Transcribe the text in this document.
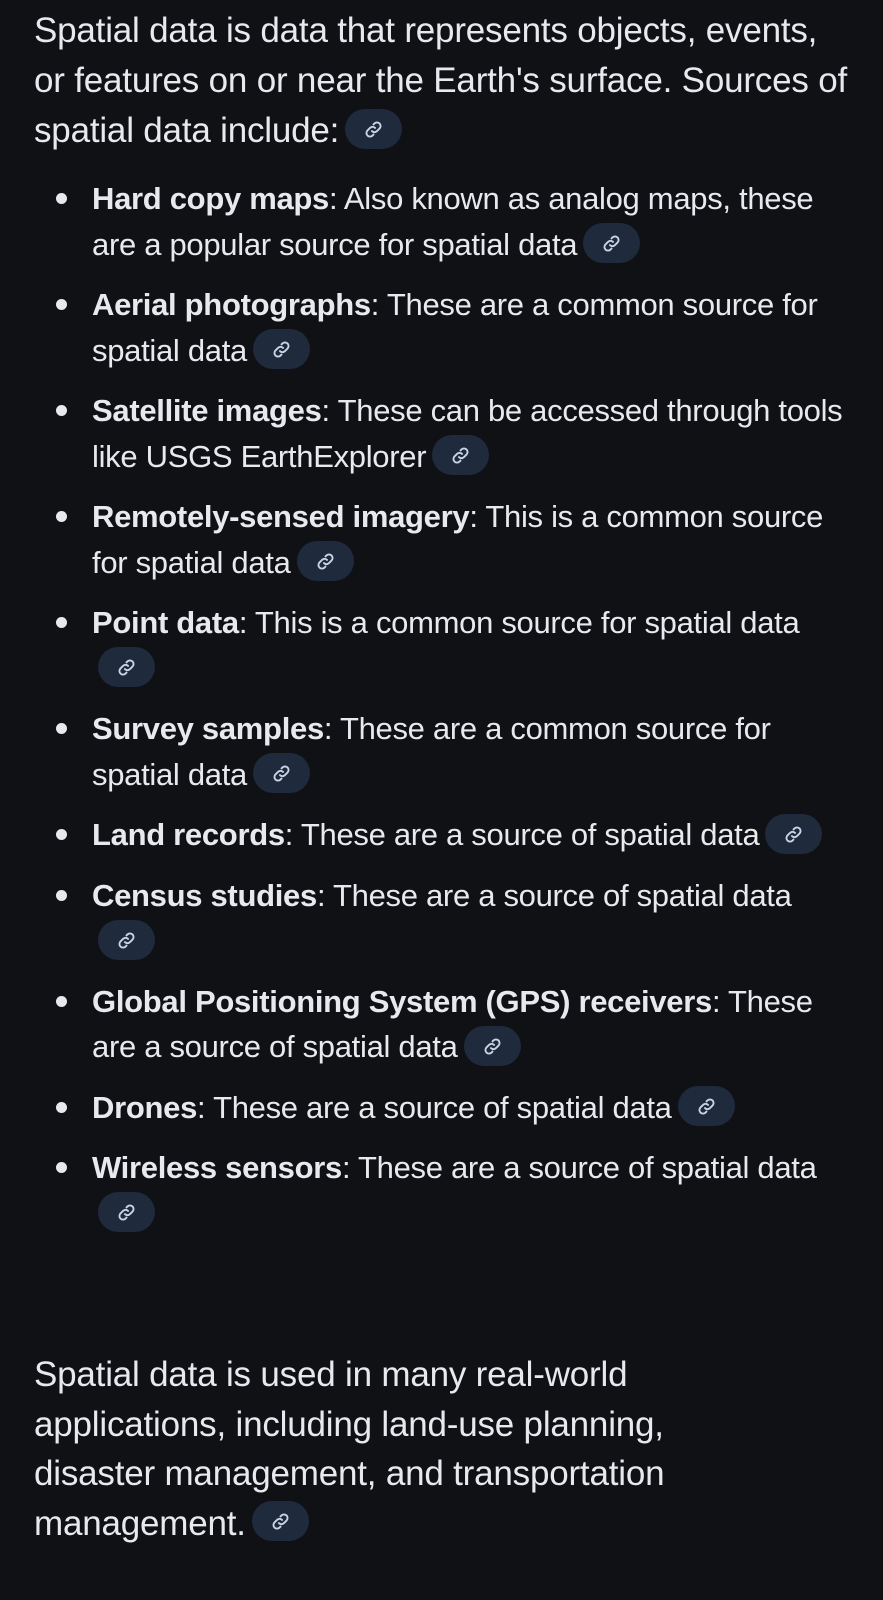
Spatial data is data that represents objects, events, or features on or near the Earth's surface. Sources of spatial data include:

Hard copy maps: Also known as analog maps, these are a popular source for spatial data
Aerial photographs: These are a common source for spatial data
Satellite images: These can be accessed through tools like USGS EarthExplorer
Remotely-sensed imagery: This is a common source for spatial data
Point data: This is a common source for spatial data
Survey samples: These are a common source for spatial data
Land records: These are a source of spatial data
Census studies: These are a source of spatial data
Global Positioning System (GPS) receivers: These are a source of spatial data
Drones: These are a source of spatial data
Wireless sensors: These are a source of spatial data

Spatial data is used in many real-world applications, including land-use planning, disaster management, and transportation management.
